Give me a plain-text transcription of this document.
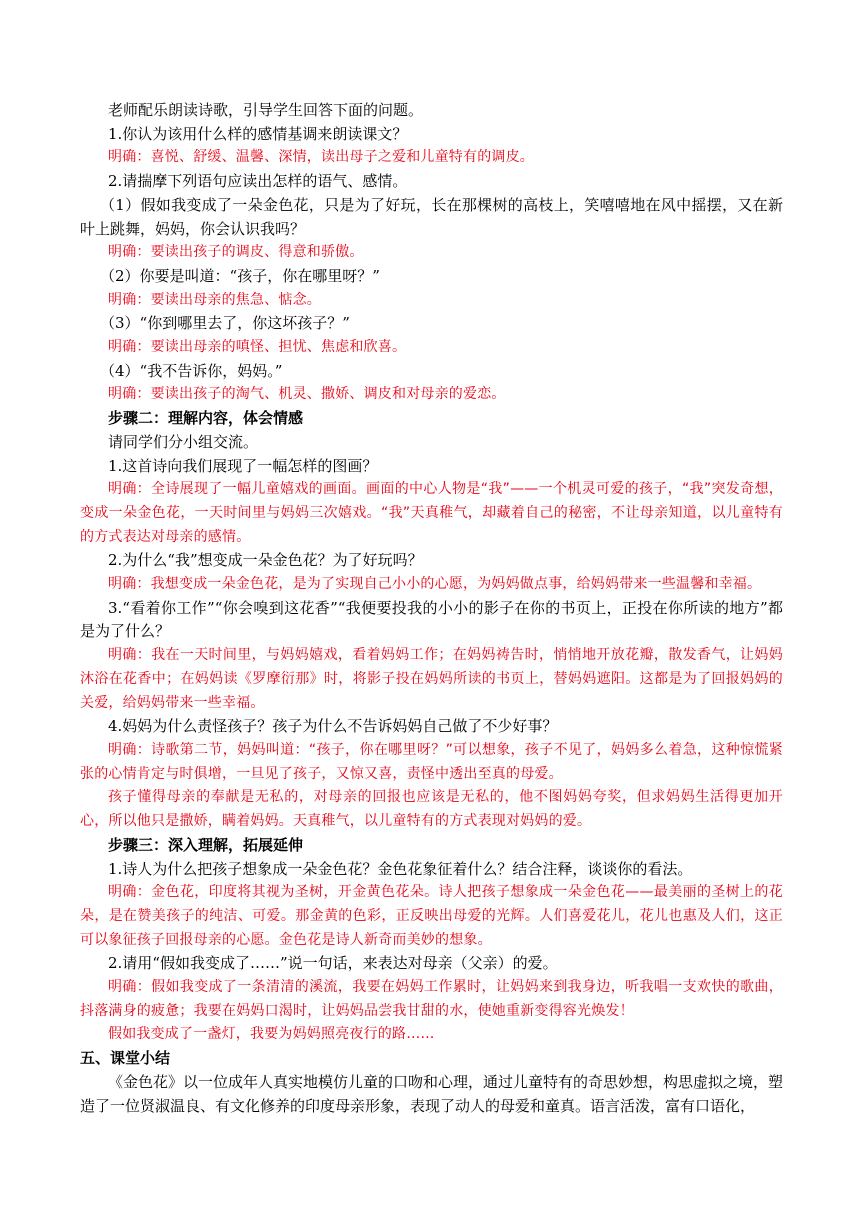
老师配乐朗读诗歌，引导学生回答下面的问题。

1.你认为该用什么样的感情基调来朗读课文？

明确：喜悦、舒缓、温馨、深情，读出母子之爱和儿童特有的调皮。

2.请揣摩下列语句应读出怎样的语气、感情。

（1）假如我变成了一朵金色花，只是为了好玩，长在那棵树的高枝上，笑嘻嘻地在风中摇摆，又在新叶上跳舞，妈妈，你会认识我吗？

明确：要读出孩子的调皮、得意和骄傲。

（2）你要是叫道：“孩子，你在哪里呀？”

明确：要读出母亲的焦急、惦念。

（3）“你到哪里去了，你这坏孩子？”

明确：要读出母亲的嗔怪、担忧、焦虑和欣喜。

（4）“我不告诉你，妈妈。”

明确：要读出孩子的淘气、机灵、撒娇、调皮和对母亲的爱恋。

步骤二：理解内容，体会情感

请同学们分小组交流。

1.这首诗向我们展现了一幅怎样的图画？

明确：全诗展现了一幅儿童嬉戏的画面。画面的中心人物是“我”——一个机灵可爱的孩子，“我”突发奇想，变成一朵金色花，一天时间里与妈妈三次嬉戏。“我”天真稚气，却藏着自己的秘密，不让母亲知道，以儿童特有的方式表达对母亲的感情。

2.为什么“我”想变成一朵金色花？为了好玩吗？

明确：我想变成一朵金色花，是为了实现自己小小的心愿，为妈妈做点事，给妈妈带来一些温馨和幸福。

3.“看着你工作”“你会嗅到这花香”“我便要投我的小小的影子在你的书页上，正投在你所读的地方”都是为了什么？

明确：我在一天时间里，与妈妈嬉戏，看着妈妈工作；在妈妈祷告时，悄悄地开放花瓣，散发香气，让妈妈沐浴在花香中；在妈妈读《罗摩衍那》时，将影子投在妈妈所读的书页上，替妈妈遮阳。这都是为了回报妈妈的关爱，给妈妈带来一些幸福。

4.妈妈为什么责怪孩子？孩子为什么不告诉妈妈自己做了不少好事？

明确：诗歌第二节，妈妈叫道：“孩子，你在哪里呀？”可以想象，孩子不见了，妈妈多么着急，这种惊慌紧张的心情肯定与时俱增，一旦见了孩子，又惊又喜，责怪中透出至真的母爱。

孩子懂得母亲的奉献是无私的，对母亲的回报也应该是无私的，他不图妈妈夸奖，但求妈妈生活得更加开心，所以他只是撒娇，瞒着妈妈。天真稚气，以儿童特有的方式表现对妈妈的爱。

步骤三：深入理解，拓展延伸

1.诗人为什么把孩子想象成一朵金色花？金色花象征着什么？结合注释，谈谈你的看法。

明确：金色花，印度将其视为圣树，开金黄色花朵。诗人把孩子想象成一朵金色花——最美丽的圣树上的花朵，是在赞美孩子的纯洁、可爱。那金黄的色彩，正反映出母爱的光辉。人们喜爱花儿，花儿也惠及人们，这正可以象征孩子回报母亲的心愿。金色花是诗人新奇而美妙的想象。

2.请用“假如我变成了……”说一句话，来表达对母亲（父亲）的爱。

明确：假如我变成了一条清清的溪流，我要在妈妈工作累时，让妈妈来到我身边，听我唱一支欢快的歌曲，抖落满身的疲惫；我要在妈妈口渴时，让妈妈品尝我甘甜的水，使她重新变得容光焕发！

假如我变成了一盏灯，我要为妈妈照亮夜行的路……

五、课堂小结

《金色花》以一位成年人真实地模仿儿童的口吻和心理，通过儿童特有的奇思妙想，构思虚拟之境，塑造了一位贤淑温良、有文化修养的印度母亲形象，表现了动人的母爱和童真。语言活泼，富有口语化，
